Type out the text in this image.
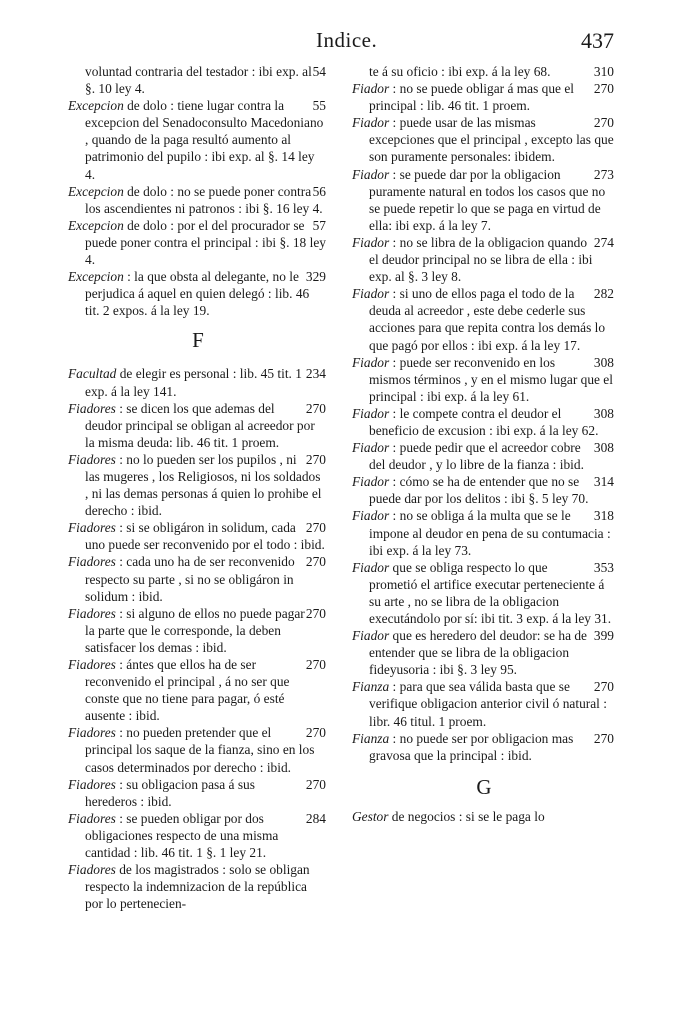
Indice.	437
54
voluntad contraria del testador : ibi exp. al §. 10 ley 4.
55
Excepcion de dolo : tiene lugar contra la excepcion del Senadoconsulto Macedoniano , quando de la paga resultó aumento al patrimonio del pupilo : ibi exp. al §. 14 ley 4.
56
Excepcion de dolo : no se puede poner contra los ascendientes ni patronos : ibi §. 16 ley 4.
57
Excepcion de dolo : por el del procurador se puede poner contra el principal : ibi §. 18 ley 4.
329
Excepcion : la que obsta al delegante, no le perjudica á aquel en quien delegó : lib. 46 tit. 2 expos. á la ley 19.
F
234
Facultad de elegir es personal : lib. 45 tit. 1 exp. á la ley 141.
270
Fiadores : se dicen los que ademas del deudor principal se obligan al acreedor por la misma deuda: lib. 46 tit. 1 proem.
270
Fiadores : no lo pueden ser los pupilos , ni las mugeres , los Religiosos, ni los soldados , ni las demas personas á quien lo prohibe el derecho : ibid.
270
Fiadores : si se obligáron in solidum, cada uno puede ser reconvenido por el todo : ibid.
270
Fiadores : cada uno ha de ser reconvenido respecto su parte , si no se obligáron in solidum : ibid.
270
Fiadores : si alguno de ellos no puede pagar la parte que le corresponde, la deben satisfacer los demas : ibid.
270
Fiadores : ántes que ellos ha de ser reconvenido el principal , á no ser que conste que no tiene para pagar, ó esté ausente : ibid.
270
Fiadores : no pueden pretender que el principal los saque de la fianza, sino en los casos determinados por derecho : ibid.
270
Fiadores : su obligacion pasa á sus herederos : ibid.
284
Fiadores : se pueden obligar por dos obligaciones respecto de una misma cantidad : lib. 46 tit. 1 §. 1 ley 21.
Fiadores de los magistrados : solo se obligan respecto la indemnizacion de la república por lo pertenecien-
310
te á su oficio : ibi exp. á la ley 68.
270
Fiador : no se puede obligar á mas que el principal : lib. 46 tit. 1 proem.
270
Fiador : puede usar de las mismas excepciones que el principal , excepto las que son puramente personales: ibidem.
273
Fiador : se puede dar por la obligacion puramente natural en todos los casos que no se puede repetir lo que se paga en virtud de ella: ibi exp. á la ley 7.
274
Fiador : no se libra de la obligacion quando el deudor principal no se libra de ella : ibi exp. al §. 3 ley 8.
282
Fiador : si uno de ellos paga el todo de la deuda al acreedor , este debe cederle sus acciones para que repita contra los demás lo que pagó por ellos : ibi exp. á la ley 17.
308
Fiador : puede ser reconvenido en los mismos términos , y en el mismo lugar que el principal : ibi exp. á la ley 61.
308
Fiador : le compete contra el deudor el beneficio de excusion : ibi exp. á la ley 62.
308
Fiador : puede pedir que el acreedor cobre del deudor , y lo libre de la fianza : ibid.
314
Fiador : cómo se ha de entender que no se puede dar por los delitos : ibi §. 5 ley 70.
318
Fiador : no se obliga á la multa que se le impone al deudor en pena de su contumacia : ibi exp. á la ley 73.
353
Fiador que se obliga respecto lo que prometió el artifice executar perteneciente á su arte , no se libra de la obligacion executándolo por sí: ibi tit. 3 exp. á la ley 31.
399
Fiador que es heredero del deudor: se ha de entender que se libra de la obligacion fideyusoria : ibi §. 3 ley 95.
270
Fianza : para que sea válida basta que se verifique obligacion anterior civil ó natural : libr. 46 titul. 1 proem.
270
Fianza : no puede ser por obligacion mas gravosa que la principal : ibid.
G
Gestor de negocios : si se le paga lo
